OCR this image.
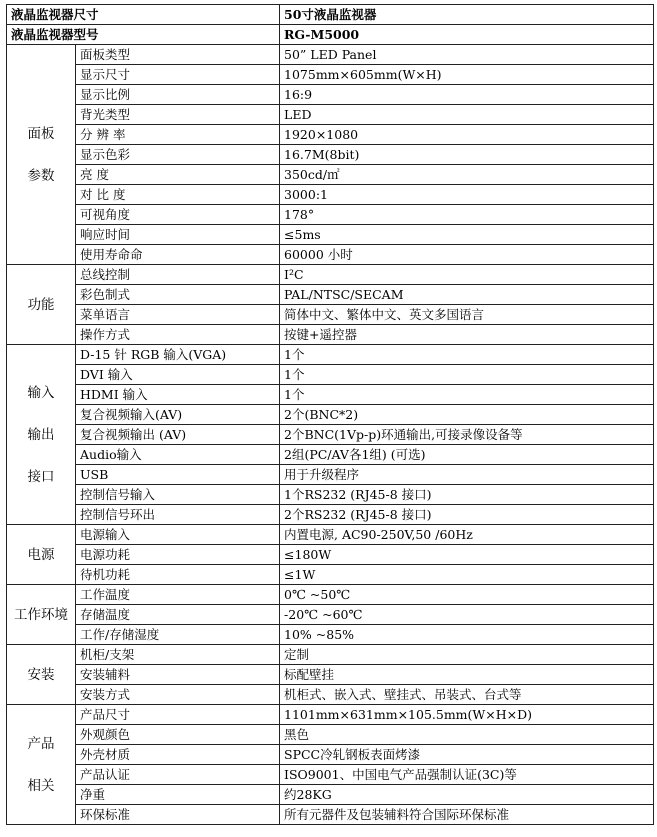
液晶监视器尺寸		50寸液晶监视器
液晶监视器型号		RG-M5000

面板
参数	面板类型	50” LED Panel
	显示尺寸	1075mm×605mm(W×H)
	显示比例	16:9
	背光类型	LED
	分 辨 率	1920×1080
	显示色彩	16.7M(8bit)
	亮 度	350cd/㎡
	对 比 度	3000:1
	可视角度	178°
	响应时间	≤5ms
	使用寿命命	60000 小时

功能	总线控制	I²C
	彩色制式	PAL/NTSC/SECAM
	菜单语言	简体中文、繁体中文、英文多国语言
	操作方式	按键+遥控器

输入
输出
接口	D-15 针 RGB 输入(VGA)	1个
	DVI 输入	1个
	HDMI 输入	1个
	复合视频输入(AV)	2个(BNC*2)
	复合视频输出 (AV)	2个BNC(1Vp-p)环通输出,可接录像设备等
	Audio输入	2组(PC/AV各1组) (可选)
	USB	用于升级程序
	控制信号输入	1个RS232 (RJ45-8 接口)
	控制信号环出	2个RS232 (RJ45-8 接口)

电源	电源输入	内置电源, AC90-250V,50 /60Hz
	电源功耗	≤180W
	待机功耗	≤1W

工作环境	工作温度	0℃ ~50℃
	存储温度	-20℃ ~60℃
	工作/存储湿度	10% ~85%

安装	机柜/支架	定制
	安装辅料	标配壁挂
	安装方式	机柜式、嵌入式、壁挂式、吊装式、台式等

产品
相关	产品尺寸	1101mm×631mm×105.5mm(W×H×D)
	外观颜色	黑色
	外壳材质	SPCC冷轧钢板表面烤漆
	产品认证	ISO9001、中国电气产品强制认证(3C)等
	净重	约28KG
	环保标准	所有元器件及包装辅料符合国际环保标准
